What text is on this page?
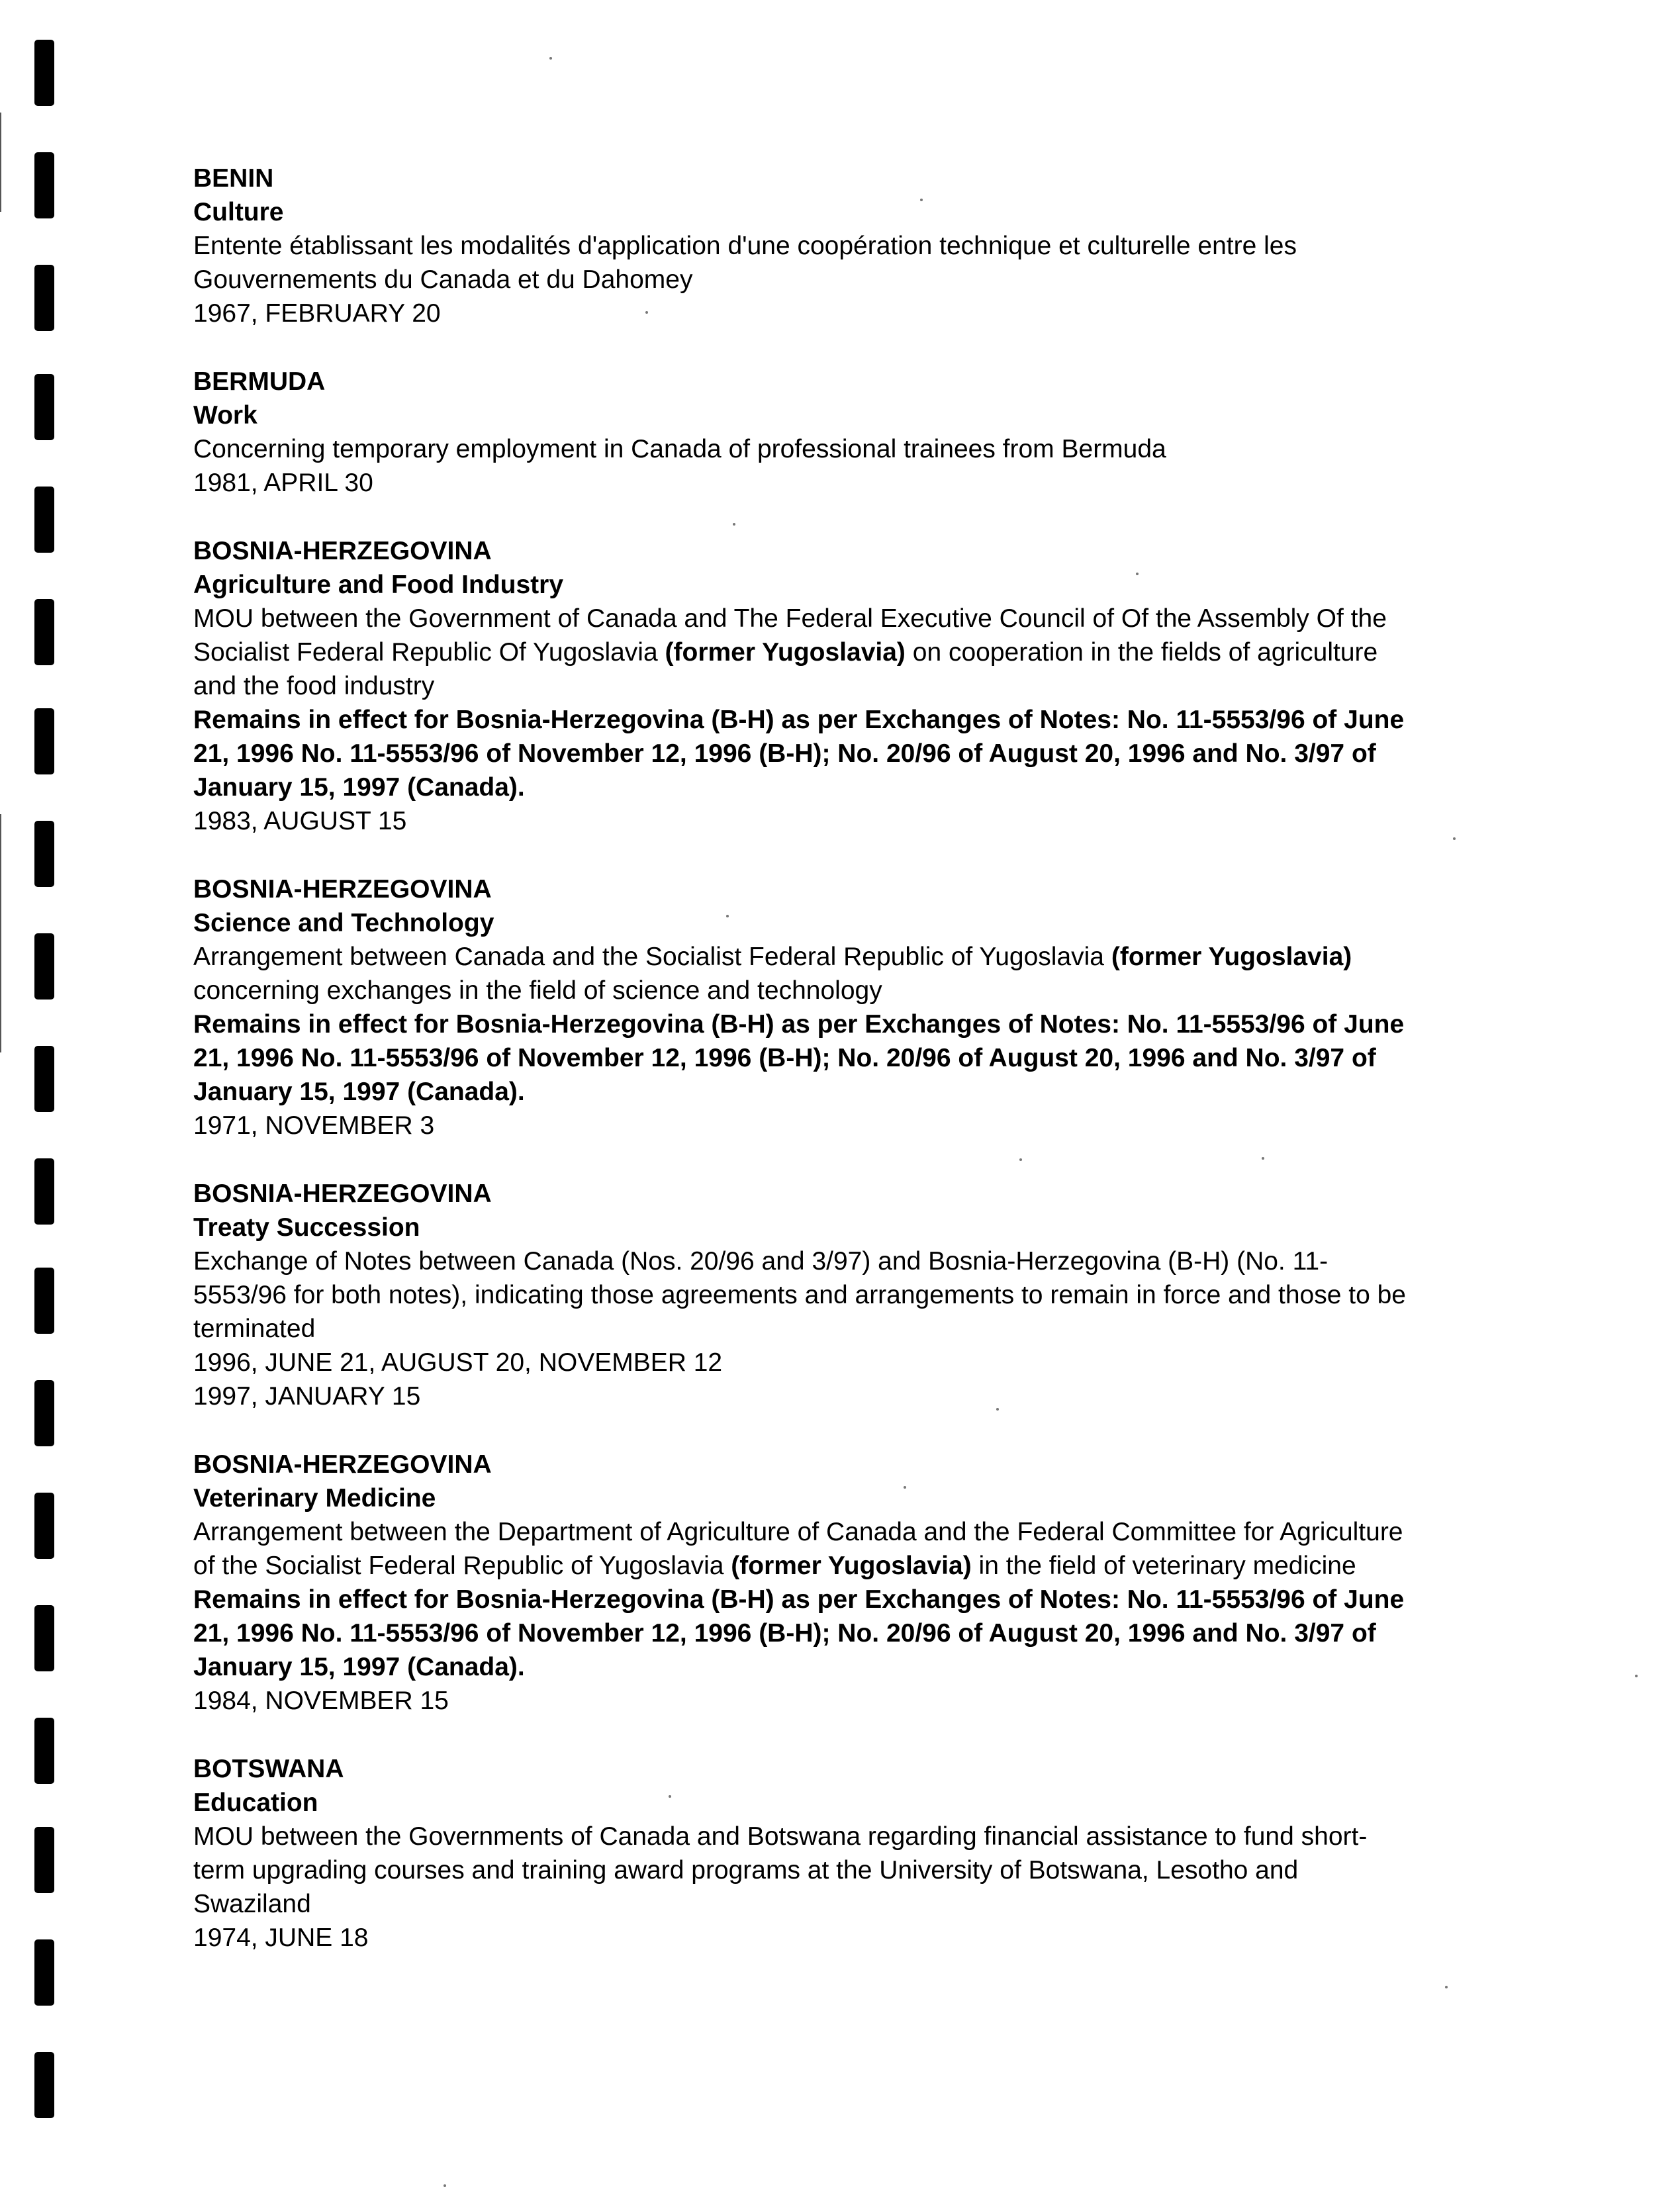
BENIN
Culture
Entente établissant les modalités d'application d'une coopération technique et culturelle entre les
Gouvernements du Canada et du Dahomey
1967, FEBRUARY 20
BERMUDA
Work
Concerning temporary employment in Canada of professional trainees from Bermuda
1981, APRIL 30
BOSNIA-HERZEGOVINA
Agriculture and Food Industry
MOU between the Government of Canada and The Federal Executive Council of Of the Assembly Of the
Socialist Federal Republic Of Yugoslavia (former Yugoslavia) on cooperation in the fields of agriculture
and the food industry
Remains in effect for Bosnia-Herzegovina (B-H) as per Exchanges of Notes: No. 11-5553/96 of June
21, 1996 No. 11-5553/96 of November 12, 1996 (B-H); No. 20/96 of August 20, 1996 and No. 3/97 of
January 15, 1997 (Canada).
1983, AUGUST 15
BOSNIA-HERZEGOVINA
Science and Technology
Arrangement between Canada and the Socialist Federal Republic of Yugoslavia (former Yugoslavia)
concerning exchanges in the field of science and technology
Remains in effect for Bosnia-Herzegovina (B-H) as per Exchanges of Notes: No. 11-5553/96 of June
21, 1996 No. 11-5553/96 of November 12, 1996 (B-H); No. 20/96 of August 20, 1996 and No. 3/97 of
January 15, 1997 (Canada).
1971, NOVEMBER 3
BOSNIA-HERZEGOVINA
Treaty Succession
Exchange of Notes between Canada (Nos. 20/96 and 3/97) and Bosnia-Herzegovina (B-H) (No. 11-
5553/96 for both notes), indicating those agreements and arrangements to remain in force and those to be
terminated
1996, JUNE 21, AUGUST 20, NOVEMBER 12
1997, JANUARY 15
BOSNIA-HERZEGOVINA
Veterinary Medicine
Arrangement between the Department of Agriculture of Canada and the Federal Committee for Agriculture
of the Socialist Federal Republic of Yugoslavia (former Yugoslavia) in the field of veterinary medicine
Remains in effect for Bosnia-Herzegovina (B-H) as per Exchanges of Notes: No. 11-5553/96 of June
21, 1996 No. 11-5553/96 of November 12, 1996 (B-H); No. 20/96 of August 20, 1996 and No. 3/97 of
January 15, 1997 (Canada).
1984, NOVEMBER 15
BOTSWANA
Education
MOU between the Governments of Canada and Botswana regarding financial assistance to fund short-
term upgrading courses and training award programs at the University of Botswana, Lesotho and
Swaziland
1974, JUNE 18
